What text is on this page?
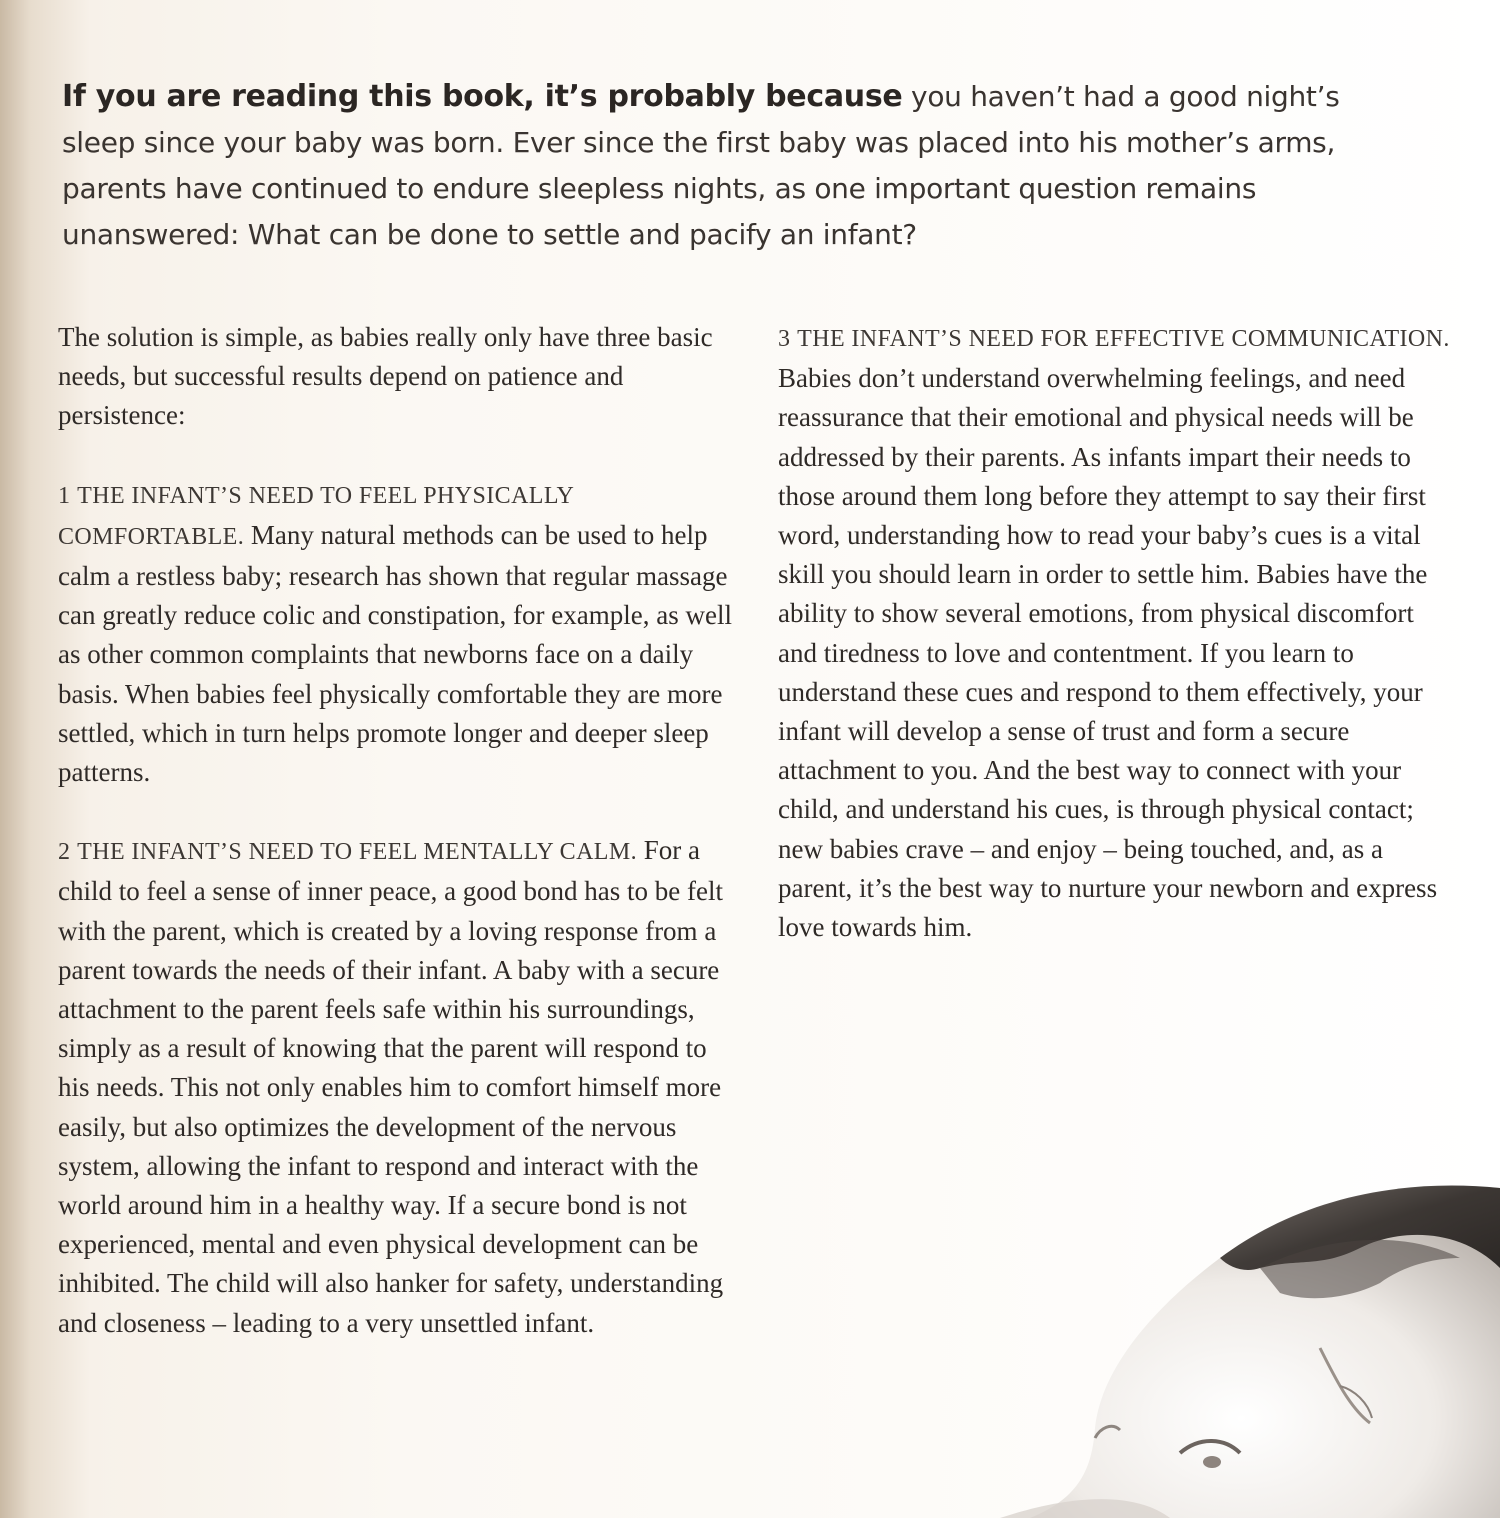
If you are reading this book, it’s probably because you haven’t had a good night’s sleep since your baby was born. Ever since the first baby was placed into his mother’s arms, parents have continued to endure sleepless nights, as one important question remains unanswered: What can be done to settle and pacify an infant?

The solution is simple, as babies really only have three basic needs, but successful results depend on patience and persistence:

1 THE INFANT’S NEED TO FEEL PHYSICALLY COMFORTABLE. Many natural methods can be used to help calm a restless baby; research has shown that regular massage can greatly reduce colic and constipation, for example, as well as other common complaints that newborns face on a daily basis. When babies feel physically comfortable they are more settled, which in turn helps promote longer and deeper sleep patterns.

2 THE INFANT’S NEED TO FEEL MENTALLY CALM. For a child to feel a sense of inner peace, a good bond has to be felt with the parent, which is created by a loving response from a parent towards the needs of their infant. A baby with a secure attachment to the parent feels safe within his surroundings, simply as a result of knowing that the parent will respond to his needs. This not only enables him to comfort himself more easily, but also optimizes the development of the nervous system, allowing the infant to respond and interact with the world around him in a healthy way. If a secure bond is not experienced, mental and even physical development can be inhibited. The child will also hanker for safety, understanding and closeness – leading to a very unsettled infant.

3 THE INFANT’S NEED FOR EFFECTIVE COMMUNICATION. Babies don’t understand overwhelming feelings, and need reassurance that their emotional and physical needs will be addressed by their parents. As infants impart their needs to those around them long before they attempt to say their first word, understanding how to read your baby’s cues is a vital skill you should learn in order to settle him. Babies have the ability to show several emotions, from physical discomfort and tiredness to love and contentment. If you learn to understand these cues and respond to them effectively, your infant will develop a sense of trust and form a secure attachment to you. And the best way to connect with your child, and understand his cues, is through physical contact; new babies crave – and enjoy – being touched, and, as a parent, it’s the best way to nurture your newborn and express love towards him.
